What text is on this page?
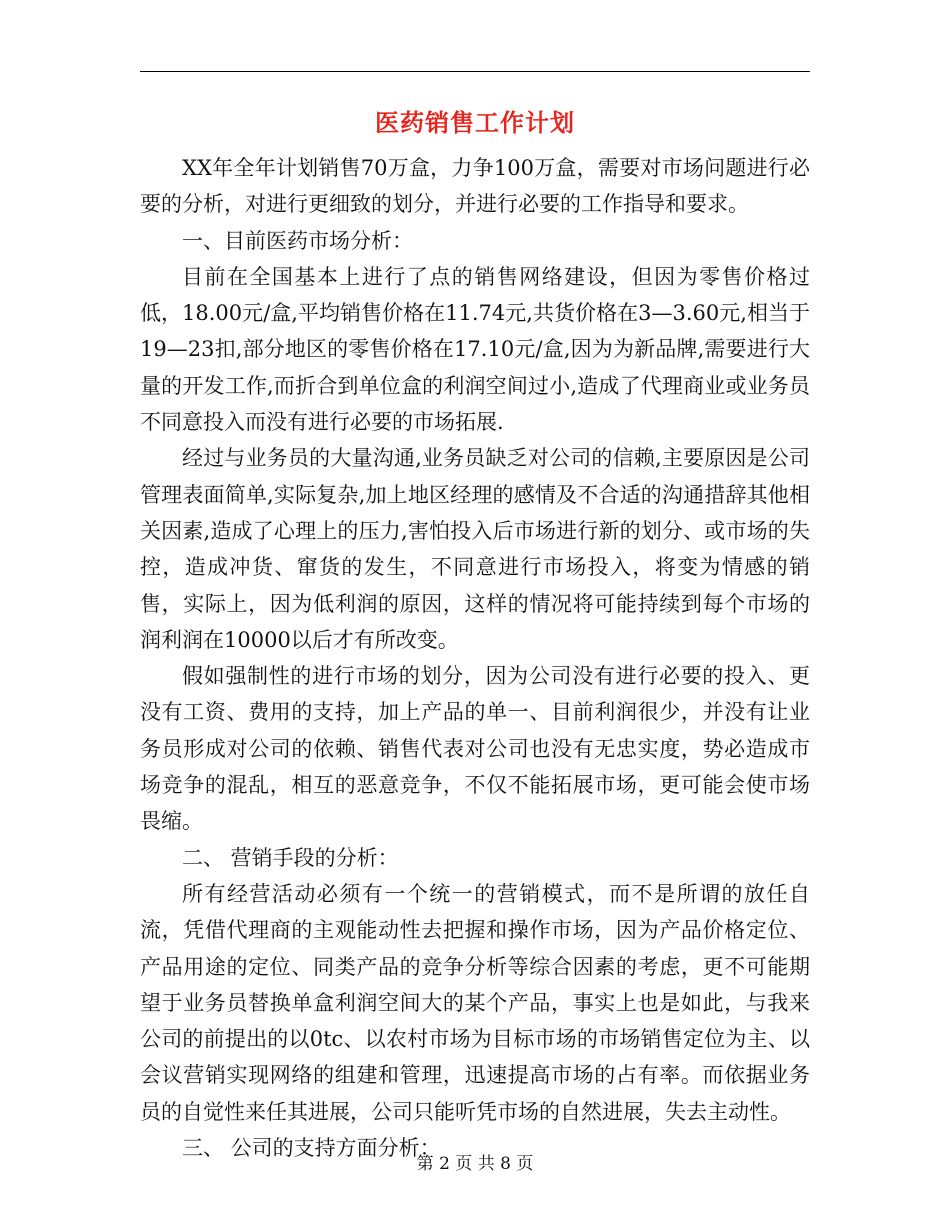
医药销售工作计划

XX年全年计划销售70万盒，力争100万盒，需要对市场问题进行必要的分析，对进行更细致的划分，并进行必要的工作指导和要求。

一、目前医药市场分析：

目前在全国基本上进行了点的销售网络建设，但因为零售价格过低，18.00元/盒,平均销售价格在11.74元,共货价格在3—3.60元,相当于19—23扣,部分地区的零售价格在17.10元/盒,因为为新品牌,需要进行大量的开发工作,而折合到单位盒的利润空间过小,造成了代理商业或业务员不同意投入而没有进行必要的市场拓展.

经过与业务员的大量沟通,业务员缺乏对公司的信赖,主要原因是公司管理表面简单,实际复杂,加上地区经理的感情及不合适的沟通措辞其他相关因素,造成了心理上的压力,害怕投入后市场进行新的划分、或市场的失控，造成冲货、窜货的发生，不同意进行市场投入，将变为情感的销售，实际上，因为低利润的原因，这样的情况将可能持续到每个市场的润利润在10000以后才有所改变。

假如强制性的进行市场的划分，因为公司没有进行必要的投入、更没有工资、费用的支持，加上产品的单一、目前利润很少，并没有让业务员形成对公司的依赖、销售代表对公司也没有无忠实度，势必造成市场竞争的混乱，相互的恶意竞争，不仅不能拓展市场，更可能会使市场畏缩。

二、 营销手段的分析：

所有经营活动必须有一个统一的营销模式，而不是所谓的放任自流，凭借代理商的主观能动性去把握和操作市场，因为产品价格定位、产品用途的定位、同类产品的竞争分析等综合因素的考虑，更不可能期望于业务员替换单盒利润空间大的某个产品，事实上也是如此，与我来公司的前提出的以0tc、以农村市场为目标市场的市场销售定位为主、以会议营销实现网络的组建和管理，迅速提高市场的占有率。而依据业务员的自觉性来任其进展，公司只能听凭市场的自然进展，失去主动性。

三、 公司的支持方面分析：

第 2 页 共 8 页
